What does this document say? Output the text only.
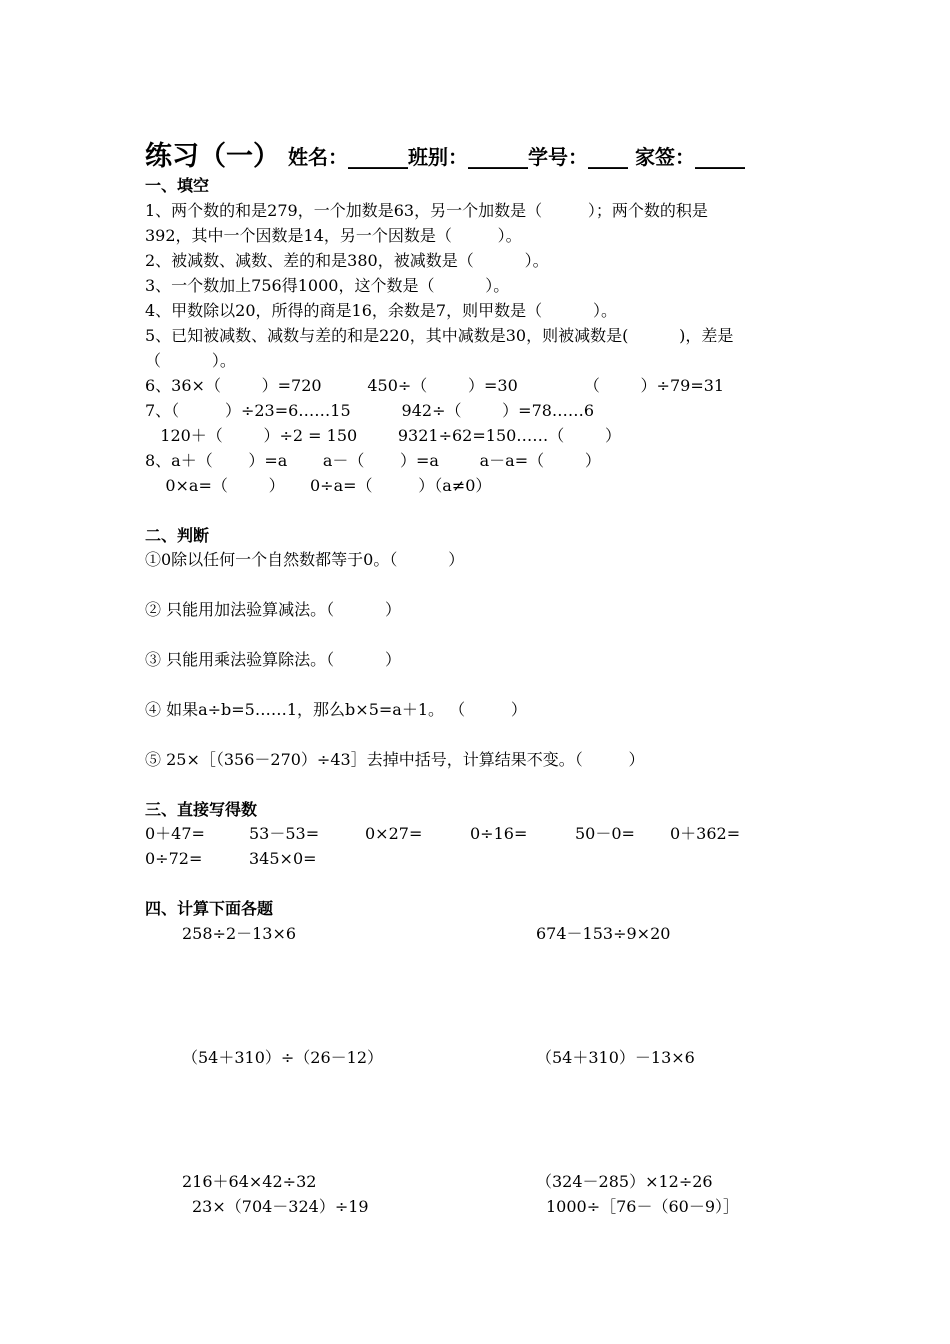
练习（一） 姓名：______班别：______学号：____ 家签：_____
一、填空
1、两个数的和是279，一个加数是63，另一个加数是（         ）；两个数的积是
392，其中一个因数是14，另一个因数是（         ）。
2、被减数、减数、差的和是380，被减数是（          ）。
3、一个数加上756得1000，这个数是（          ）。
4、甲数除以20，所得的商是16，余数是7，则甲数是（          ）。
5、已知被减数、减数与差的和是220，其中减数是30，则被减数是(          )，差是
（          ）。
6、36×（        ）=720         450÷（        ）=30             （        ）÷79=31
7、（         ）÷23=6……15          942÷（        ）=78……6
120＋（        ）÷2 = 150        9321÷62=150……（        ）
8、a＋（       ）=a       a－（       ）=a        a－a=（        ）
0×a=（        ）     0÷a=（         ）（a≠0）
二、判断
①0除以任何一个自然数都等于0。（          ）
② 只能用加法验算减法。（          ）
③ 只能用乘法验算除法。（          ）
④ 如果a÷b=5……1，那么b×5=a＋1。 （         ）
⑤ 25×［（356－270）÷43］去掉中括号，计算结果不变。（         ）
三、直接写得数
0＋47=	53－53=	0×27=	0÷16=	50－0= 0＋362=
0÷72=	345×0=
四、计算下面各题
258÷2－13×6	674－153÷9×20
（54＋310）÷（26－12）	（54＋310）－13×6
216＋64×42÷32	（324－285）×12÷26
23×（704－324）÷19	1000÷［76－（60－9）］
